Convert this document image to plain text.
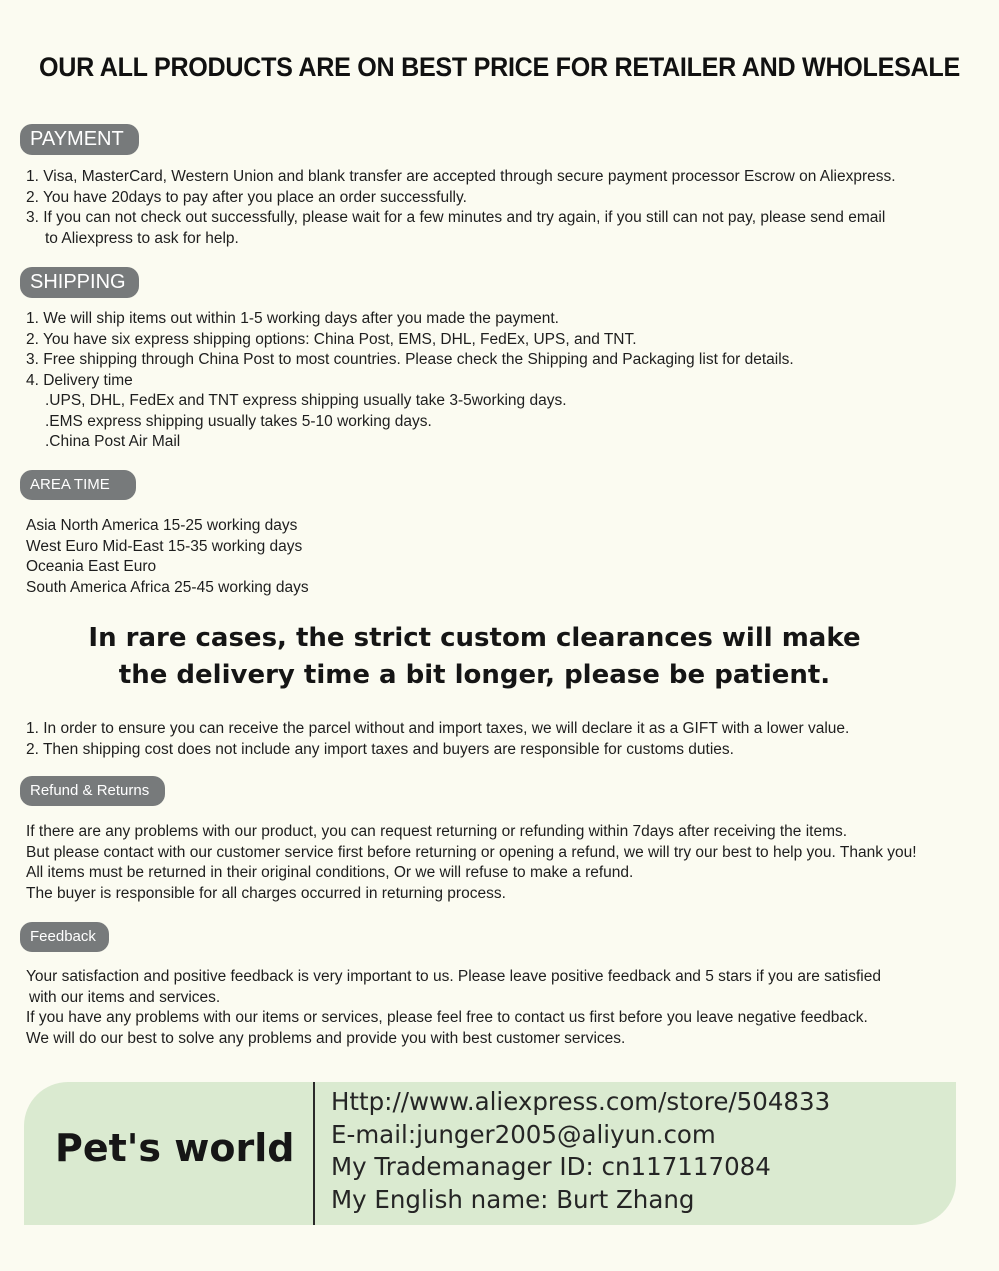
OUR ALL PRODUCTS ARE ON BEST PRICE FOR RETAILER AND WHOLESALE
PAYMENT
1. Visa, MasterCard, Western Union and blank transfer are accepted through secure payment processor Escrow on Aliexpress.
2. You have 20days to pay after you place an order successfully.
3. If you can not check out successfully, please wait for a few minutes and try again, if you still can not pay, please send email
to Aliexpress to ask for help.
SHIPPING
1. We will ship items out within 1-5 working days after you made the payment.
2. You have six express shipping options: China Post, EMS, DHL, FedEx, UPS, and TNT.
3. Free shipping through China Post to most countries. Please check the Shipping and Packaging list for details.
4. Delivery time
.UPS, DHL, FedEx and TNT express shipping usually take 3-5working days.
.EMS express shipping usually takes 5-10 working days.
.China Post Air Mail
AREA TIME
Asia North America 15-25 working days
West Euro Mid-East 15-35 working days
Oceania East Euro
South America Africa 25-45 working days
In rare cases, the strict custom clearances will make
the delivery time a bit longer, please be patient.
1. In order to ensure you can receive the parcel without and import taxes, we will declare it as a GIFT with a lower value.
2. Then shipping cost does not include any import taxes and buyers are responsible for customs duties.
Refund & Returns
If there are any problems with our product, you can request returning or refunding within 7days after receiving the items.
But please contact with our customer service first before returning or opening a refund, we will try our best to help you. Thank you!
All items must be returned in their original conditions, Or we will refuse to make a refund.
The buyer is responsible for all charges occurred in returning process.
Feedback
Your satisfaction and positive feedback is very important to us. Please leave positive feedback and 5 stars if you are satisfied
with our items and services.
If you have any problems with our items or services, please feel free to contact us first before you leave negative feedback.
We will do our best to solve any problems and provide you with best customer services.
Pet's world
Http://www.aliexpress.com/store/504833
E-mail:junger2005@aliyun.com
My Trademanager ID: cn117117084
My English name: Burt Zhang
